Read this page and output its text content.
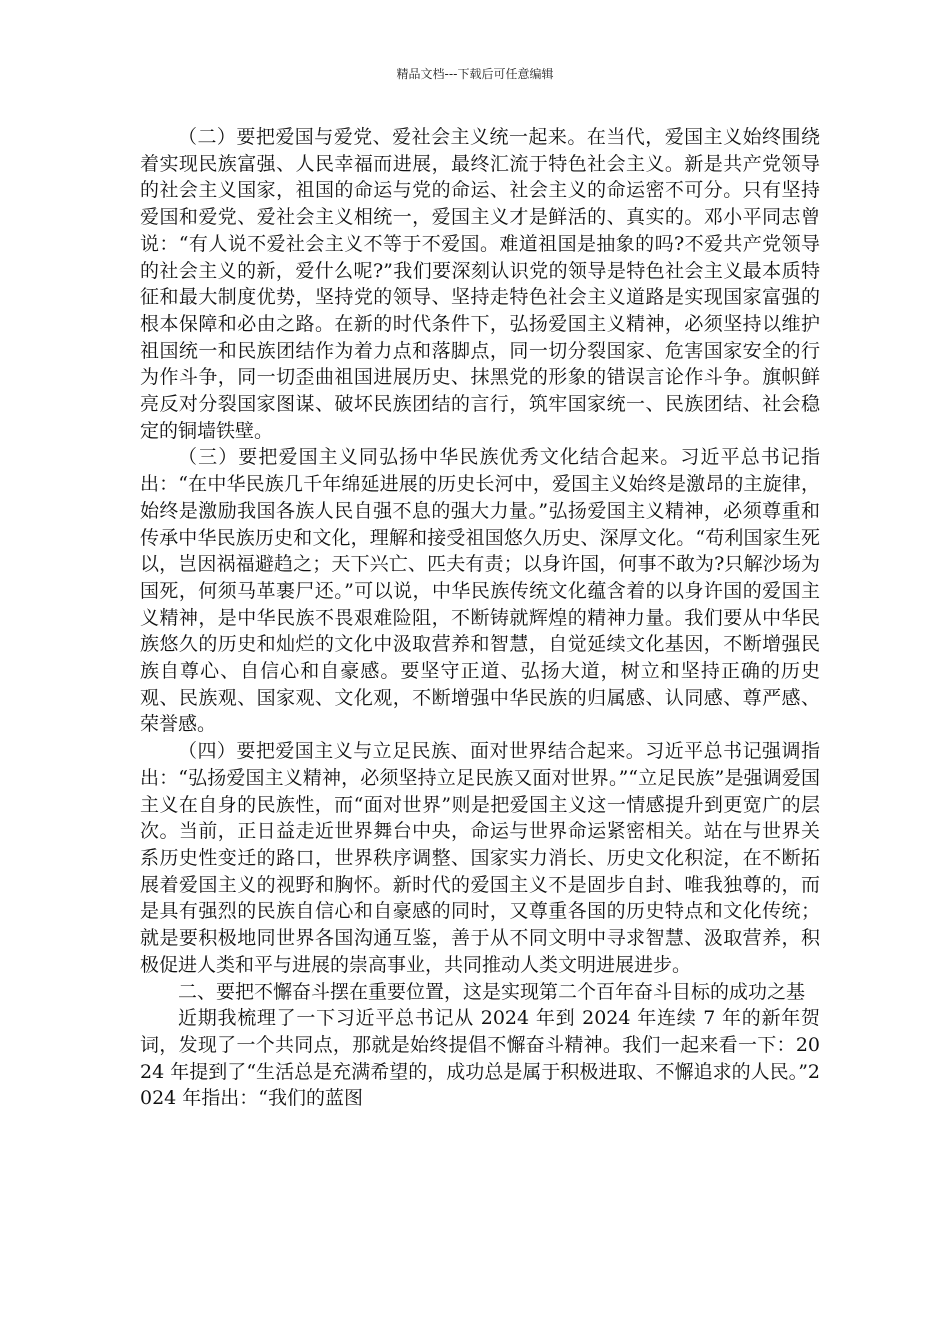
精品文档---下载后可任意编辑

（二）要把爱国与爱党、爱社会主义统一起来。在当代，爱国主义始终围绕着实现民族富强、人民幸福而进展，最终汇流于特色社会主义。新是共产党领导的社会主义国家，祖国的命运与党的命运、社会主义的命运密不可分。只有坚持爱国和爱党、爱社会主义相统一，爱国主义才是鲜活的、真实的。邓小平同志曾说：“有人说不爱社会主义不等于不爱国。难道祖国是抽象的吗?不爱共产党领导的社会主义的新，爱什么呢?”我们要深刻认识党的领导是特色社会主义最本质特征和最大制度优势，坚持党的领导、坚持走特色社会主义道路是实现国家富强的根本保障和必由之路。在新的时代条件下，弘扬爱国主义精神，必须坚持以维护祖国统一和民族团结作为着力点和落脚点，同一切分裂国家、危害国家安全的行为作斗争，同一切歪曲祖国进展历史、抹黑党的形象的错误言论作斗争。旗帜鲜亮反对分裂国家图谋、破坏民族团结的言行，筑牢国家统一、民族团结、社会稳定的铜墙铁壁。

（三）要把爱国主义同弘扬中华民族优秀文化结合起来。习近平总书记指出：“在中华民族几千年绵延进展的历史长河中，爱国主义始终是激昂的主旋律，始终是激励我国各族人民自强不息的强大力量。”弘扬爱国主义精神，必须尊重和传承中华民族历史和文化，理解和接受祖国悠久历史、深厚文化。“苟利国家生死以，岂因祸福避趋之；天下兴亡、匹夫有责；以身许国，何事不敢为?只解沙场为国死，何须马革裹尸还。”可以说，中华民族传统文化蕴含着的以身许国的爱国主义精神，是中华民族不畏艰难险阻，不断铸就辉煌的精神力量。我们要从中华民族悠久的历史和灿烂的文化中汲取营养和智慧，自觉延续文化基因，不断增强民族自尊心、自信心和自豪感。要坚守正道、弘扬大道，树立和坚持正确的历史观、民族观、国家观、文化观，不断增强中华民族的归属感、认同感、尊严感、荣誉感。

（四）要把爱国主义与立足民族、面对世界结合起来。习近平总书记强调指出：“弘扬爱国主义精神，必须坚持立足民族又面对世界。”“立足民族”是强调爱国主义在自身的民族性，而“面对世界”则是把爱国主义这一情感提升到更宽广的层次。当前，正日益走近世界舞台中央，命运与世界命运紧密相关。站在与世界关系历史性变迁的路口，世界秩序调整、国家实力消长、历史文化积淀，在不断拓展着爱国主义的视野和胸怀。新时代的爱国主义不是固步自封、唯我独尊的，而是具有强烈的民族自信心和自豪感的同时，又尊重各国的历史特点和文化传统；就是要积极地同世界各国沟通互鉴，善于从不同文明中寻求智慧、汲取营养，积极促进人类和平与进展的崇高事业，共同推动人类文明进展进步。

二、要把不懈奋斗摆在重要位置，这是实现第二个百年奋斗目标的成功之基

近期我梳理了一下习近平总书记从 2024 年到 2024 年连续 7 年的新年贺词，发现了一个共同点，那就是始终提倡不懈奋斗精神。我们一起来看一下：2024 年提到了“生活总是充满希望的，成功总是属于积极进取、不懈追求的人民。”2024 年指出：“我们的蓝图
